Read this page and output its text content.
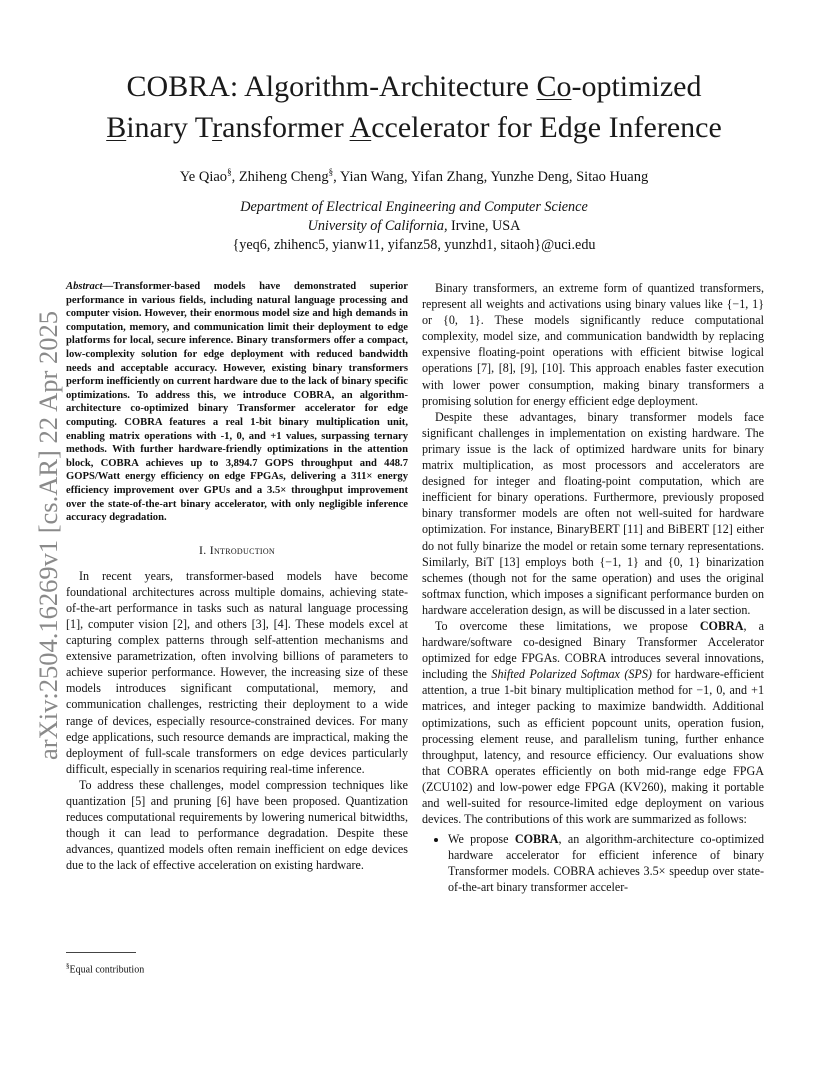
COBRA: Algorithm-Architecture Co-optimized
Binary Transformer Accelerator for Edge Inference
Ye Qiao§, Zhiheng Cheng§, Yian Wang, Yifan Zhang, Yunzhe Deng, Sitao Huang
Department of Electrical Engineering and Computer Science
University of California, Irvine, USA
{yeq6, zhihenc5, yianw11, yifanz58, yunzhd1, sitaoh}@uci.edu
arXiv:2504.16269v1 [cs.AR] 22 Apr 2025

Abstract—Transformer-based models have demonstrated superior performance in various fields, including natural language processing and computer vision. However, their enormous model size and high demands in computation, memory, and communication limit their deployment to edge platforms for local, secure inference. Binary transformers offer a compact, low-complexity solution for edge deployment with reduced bandwidth needs and acceptable accuracy. However, existing binary transformers perform inefficiently on current hardware due to the lack of binary specific optimizations. To address this, we introduce COBRA, an algorithm-architecture co-optimized binary Transformer accelerator for edge computing. COBRA features a real 1-bit binary multiplication unit, enabling matrix operations with -1, 0, and +1 values, surpassing ternary methods. With further hardware-friendly optimizations in the attention block, COBRA achieves up to 3,894.7 GOPS throughput and 448.7 GOPS/Watt energy efficiency on edge FPGAs, delivering a 311× energy efficiency improvement over GPUs and a 3.5× throughput improvement over the state-of-the-art binary accelerator, with only negligible inference accuracy degradation.

I. Introduction

In recent years, transformer-based models have become foundational architectures across multiple domains, achieving state-of-the-art performance in tasks such as natural language processing [1], computer vision [2], and others [3], [4]. These models excel at capturing complex patterns through self-attention mechanisms and extensive parametrization, often involving billions of parameters to achieve superior performance. However, the increasing size of these models introduces significant computational, memory, and communication challenges, restricting their deployment to a wide range of devices, especially resource-constrained devices. For many edge applications, such resource demands are impractical, making the deployment of full-scale transformers on edge devices particularly difficult, especially in scenarios requiring real-time inference.

To address these challenges, model compression techniques like quantization [5] and pruning [6] have been proposed. Quantization reduces computational requirements by lowering numerical bitwidths, though it can lead to performance degradation. Despite these advances, quantized models often remain inefficient on edge devices due to the lack of effective acceleration on existing hardware.

§Equal contribution

Binary transformers, an extreme form of quantized transformers, represent all weights and activations using binary values like {−1, 1} or {0, 1}. These models significantly reduce computational complexity, model size, and communication bandwidth by replacing expensive floating-point operations with efficient bitwise logical operations [7], [8], [9], [10]. This approach enables faster execution with lower power consumption, making binary transformers a promising solution for energy efficient edge deployment.

Despite these advantages, binary transformer models face significant challenges in implementation on existing hardware. The primary issue is the lack of optimized hardware units for binary matrix multiplication, as most processors and accelerators are designed for integer and floating-point computation, which are inefficient for binary operations. Furthermore, previously proposed binary transformer models are often not well-suited for hardware optimization. For instance, BinaryBERT [11] and BiBERT [12] either do not fully binarize the model or retain some ternary representations. Similarly, BiT [13] employs both {−1, 1} and {0, 1} binarization schemes (though not for the same operation) and uses the original softmax function, which imposes a significant performance burden on hardware acceleration design, as will be discussed in a later section.

To overcome these limitations, we propose COBRA, a hardware/software co-designed Binary Transformer Accelerator optimized for edge FPGAs. COBRA introduces several innovations, including the Shifted Polarized Softmax (SPS) for hardware-efficient attention, a true 1-bit binary multiplication method for −1, 0, and +1 matrices, and integer packing to maximize bandwidth. Additional optimizations, such as efficient popcount units, operation fusion, processing element reuse, and parallelism tuning, further enhance throughput, latency, and resource efficiency. Our evaluations show that COBRA operates efficiently on both mid-range edge FPGA (ZCU102) and low-power edge FPGA (KV260), making it portable and well-suited for resource-limited edge deployment on various devices. The contributions of this work are summarized as follows:

• We propose COBRA, an algorithm-architecture co-optimized hardware accelerator for efficient inference of binary Transformer models. COBRA achieves 3.5× speedup over state-of-the-art binary transformer acceler-
